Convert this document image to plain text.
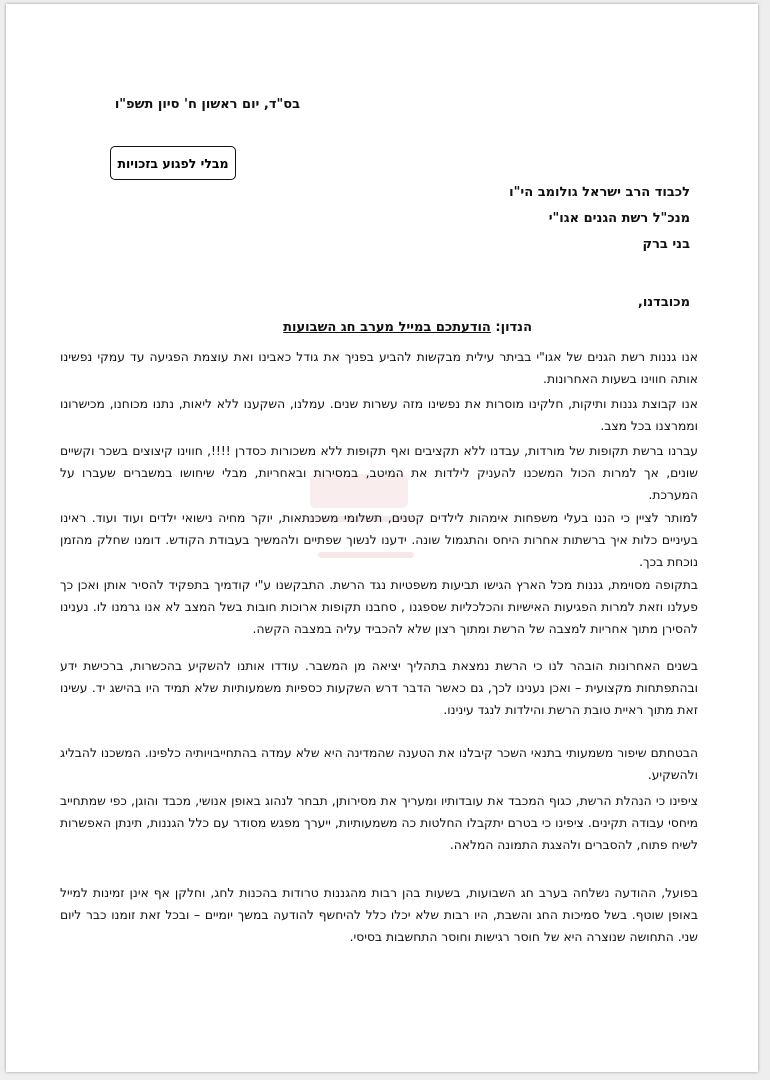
בס"ד, יום ראשון ח' סיון תשפ"ו
מבלי לפגוע בזכויות
לכבוד הרב ישראל גולומב הי"ו
מנכ"ל רשת הגנים אגו"י
בני ברק
מכובדנו,
הנדון: הודעתכם במייל מערב חג השבועות
אנו גננות רשת הגנים של אגו"י בביתר עילית מבקשות להביע בפניך את גודל כאבינו ואת עוצמת הפגיעה עד עמקי נפשינו אותה חווינו בשעות האחרונות.
אנו קבוצת גננות ותיקות, חלקינו מוסרות את נפשינו מזה עשרות שנים. עמלנו, השקענו ללא ליאות, נתנו מכוחנו, מכישרונו וממרצנו בכל מצב.
עברנו ברשת תקופות של מורדות, עבדנו ללא תקציבים ואף תקופות ללא משכורות כסדרן !!!!, חווינו קיצוצים בשכר וקשיים שונים, אך למרות הכול המשכנו להעניק לילדות את המיטב, במסירות ובאחריות, מבלי שיחושו במשברים שעברו על המערכת.
למותר לציין כי הננו בעלי משפחות אימהות לילדים קטנים, תשלומי משכנתאות, יוקר מחיה נישואי ילדים ועוד ועוד. ראינו בעיניים כלות איך ברשתות אחרות היחס והתגמול שונה. ידענו לנשוך שפתיים ולהמשיך בעבודת הקודש. דומנו שחלק מהזמן נוכחת בכך.
בתקופה מסוימת, גננות מכל הארץ הגישו תביעות משפטיות נגד הרשת. התבקשנו ע"י קודמיך בתפקיד להסיר אותן ואכן כך פעלנו וזאת למרות הפגיעות האישיות והכלכליות שספגנו , סחבנו תקופות ארוכות חובות בשל המצב לא אנו גרמנו לו. נענינו להסירן מתוך אחריות למצבה של הרשת ומתוך רצון שלא להכביד עליה במצבה הקשה.
בשנים האחרונות הובהר לנו כי הרשת נמצאת בתהליך יציאה מן המשבר. עודדו אותנו להשקיע בהכשרות, ברכישת ידע ובהתפתחות מקצועית – ואכן נענינו לכך, גם כאשר הדבר דרש השקעות כספיות משמעותיות שלא תמיד היו בהישג יד. עשינו זאת מתוך ראיית טובת הרשת והילדות לנגד עינינו.
הבטחתם שיפור משמעותי בתנאי השכר קיבלנו את הטענה שהמדינה היא שלא עמדה בהתחייבויותיה כלפינו. המשכנו להבליג ולהשקיע.
ציפינו כי הנהלת הרשת, כגוף המכבד את עובדותיו ומעריך את מסירותן, תבחר לנהוג באופן אנושי, מכבד והוגן, כפי שמתחייב מיחסי עבודה תקינים. ציפינו כי בטרם יתקבלו החלטות כה משמעותיות, ייערך מפגש מסודר עם כלל הגננות, תינתן האפשרות לשיח פתוח, להסברים ולהצגת התמונה המלאה.
בפועל, ההודעה נשלחה בערב חג השבועות, בשעות בהן רבות מהגננות טרודות בהכנות לחג, וחלקן אף אינן זמינות למייל באופן שוטף. בשל סמיכות החג והשבת, היו רבות שלא יכלו כלל להיחשף להודעה במשך יומיים – ובכל זאת זומנו כבר ליום שני. התחושה שנוצרה היא של חוסר רגישות וחוסר התחשבות בסיסי.
